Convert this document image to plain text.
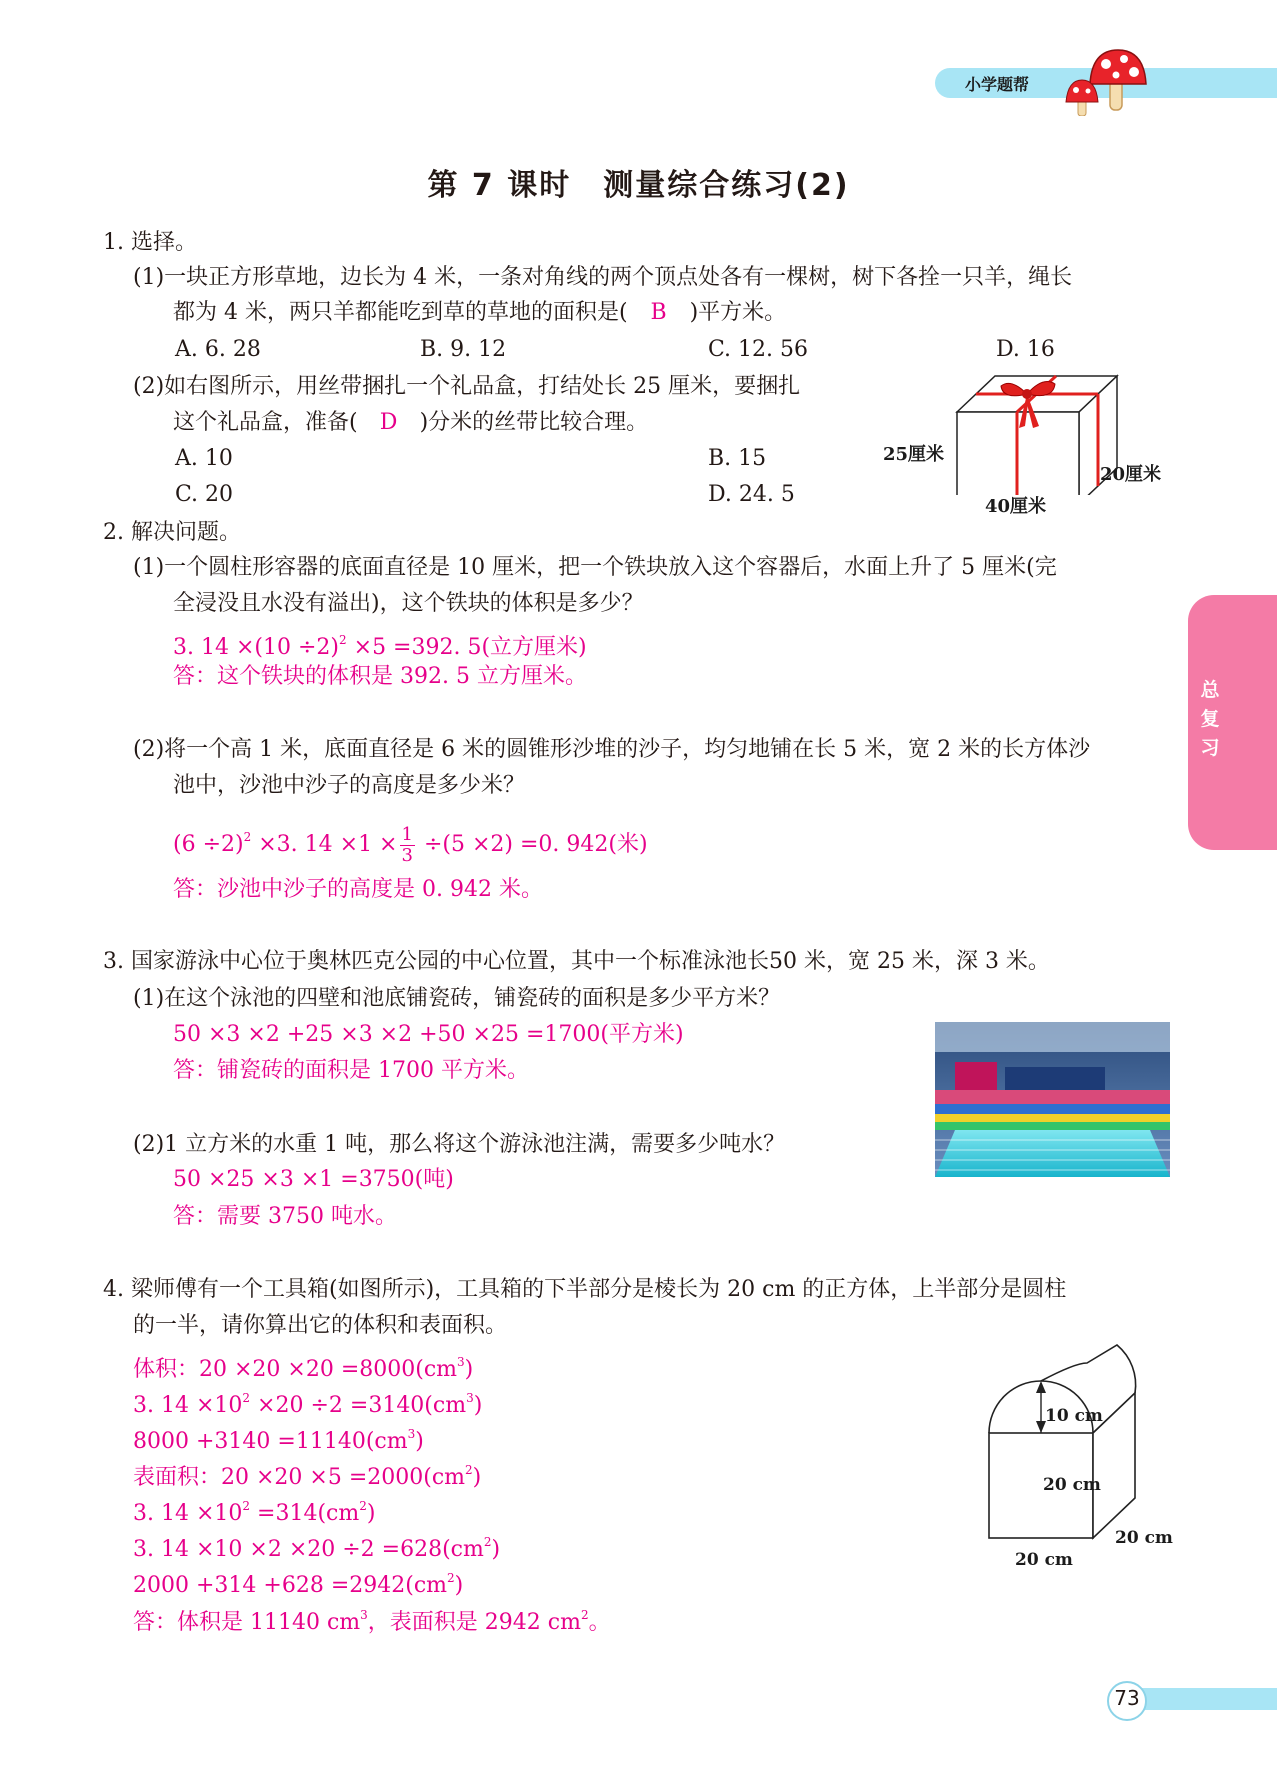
小学题帮
第 7 课时　测量综合练习(2)
总复习
1. 选择。
(1)一块正方形草地，边长为 4 米，一条对角线的两个顶点处各有一棵树，树下各拴一只羊，绳长
都为 4 米，两只羊都能吃到草的草地的面积是( B )平方米。
A. 6. 28	B. 9. 12	C. 12. 56	D. 16
(2)如右图所示，用丝带捆扎一个礼品盒，打结处长 25 厘米，要捆扎
这个礼品盒，准备( D )分米的丝带比较合理。
A. 10	B. 15
C. 20	D. 24. 5
25厘米
20厘米
40厘米
2. 解决问题。
(1)一个圆柱形容器的底面直径是 10 厘米，把一个铁块放入这个容器后，水面上升了 5 厘米(完
全浸没且水没有溢出)，这个铁块的体积是多少？
3. $14 \times(10 \div 2)^2 \times 5 =392$. 5(立方厘米)
答：这个铁块的体积是 392. 5 立方厘米。
(2)将一个高 1 米，底面直径是 6 米的圆锥形沙堆的沙子，均匀地铺在长 5 米，宽 2 米的长方体沙
池中，沙池中沙子的高度是多少米？
$(6 \div 2)^2 \times 3$. $14 \times 1 \times \frac{1}{3} \div(5 \times 2) =0$. 942(米)
答：沙池中沙子的高度是 0. 942 米。
3. 国家游泳中心位于奥林匹克公园的中心位置，其中一个标准泳池长50 米，宽 25 米，深 3 米。
(1)在这个泳池的四壁和池底铺瓷砖，铺瓷砖的面积是多少平方米？
50 ×3 ×2 +25 ×3 ×2 +50 ×25 =1700(平方米)
答：铺瓷砖的面积是 1700 平方米。
(2)1 立方米的水重 1 吨，那么将这个游泳池注满，需要多少吨水？
50 ×25 ×3 ×1 =3750(吨)
答：需要 3750 吨水。
4. 梁师傅有一个工具箱(如图所示)，工具箱的下半部分是棱长为 20 cm 的正方体，上半部分是圆柱
的一半，请你算出它的体积和表面积。
体积：$20 \times 20 \times 20 =8000(cm^3)$
3. $14 \times 10^2 \times 20 \div 2 =3140(cm^3)$
$8000 +3140 =11140(cm^3)$
表面积：$20 \times 20 \times 5 =2000(cm^2)$
3. $14 \times 10^2 =314(cm^2)$
3. $14 \times 10 \times 2 \times 20 \div 2 =628(cm^2)$
$2000 +314 +628 =2942(cm^2)$
答：体积是 11140 $cm^3$，表面积是 2942 $cm^2$。
10 cm
20 cm
20 cm
20 cm
73
